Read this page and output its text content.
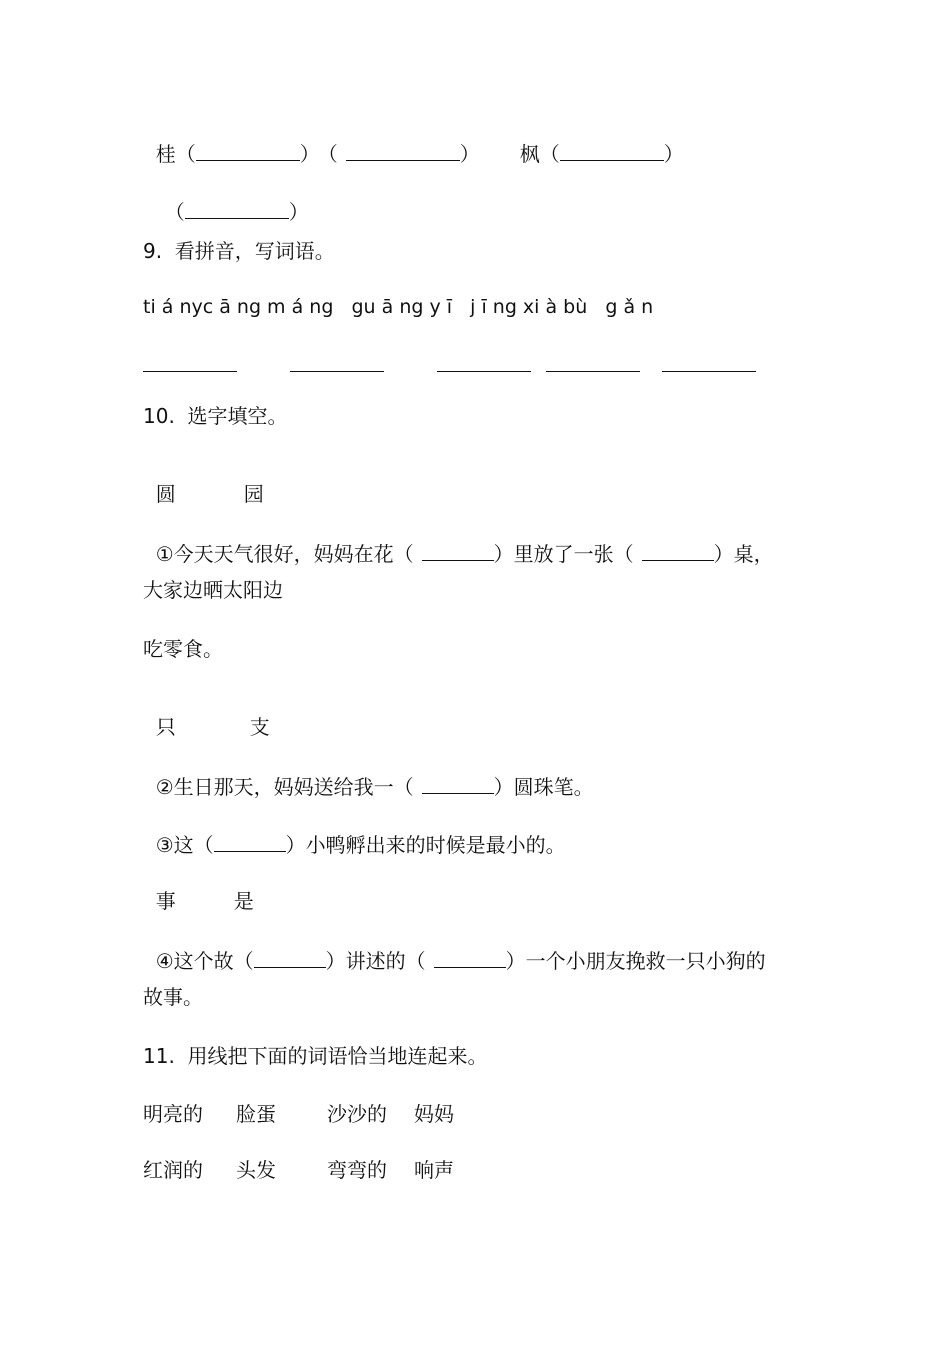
桂（	）（	）	枫（	）

（	）

9.  看拼音，写词语。
ti á nyc ā ng m á ng   gu ā ng y ī   j ī ng xi à bù   g ǎ n
10.  选字填空。

圆	园

①今天天气很好，妈妈在花（	）里放了一张（	）桌，

大家边晒太阳边
吃零食。

只	支

②生日那天，妈妈送给我一（	）圆珠笔。

③这（	）小鸭孵出来的时候是最小的。

事	是

④这个故（	）讲述的（	）一个小朋友挽救一只小狗的

故事。
11.  用线把下面的词语恰当地连起来。
明亮的 脸蛋	沙沙的 妈妈
红润的 头发	弯弯的 响声
